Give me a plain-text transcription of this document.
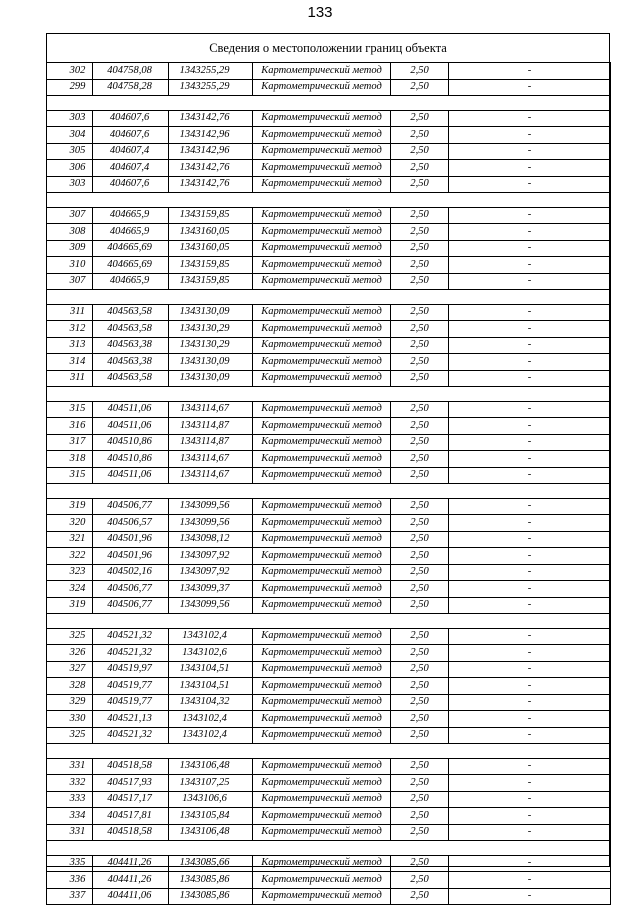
133
Сведения о местоположении границ объекта
302	404758,08	1343255,29	Картометрический метод	2,50	-
299	404758,28	1343255,29	Картометрический метод	2,50	-

303	404607,6	1343142,76	Картометрический метод	2,50	-
304	404607,6	1343142,96	Картометрический метод	2,50	-
305	404607,4	1343142,96	Картометрический метод	2,50	-
306	404607,4	1343142,76	Картометрический метод	2,50	-
303	404607,6	1343142,76	Картометрический метод	2,50	-

307	404665,9	1343159,85	Картометрический метод	2,50	-
308	404665,9	1343160,05	Картометрический метод	2,50	-
309	404665,69	1343160,05	Картометрический метод	2,50	-
310	404665,69	1343159,85	Картометрический метод	2,50	-
307	404665,9	1343159,85	Картометрический метод	2,50	-

311	404563,58	1343130,09	Картометрический метод	2,50	-
312	404563,58	1343130,29	Картометрический метод	2,50	-
313	404563,38	1343130,29	Картометрический метод	2,50	-
314	404563,38	1343130,09	Картометрический метод	2,50	-
311	404563,58	1343130,09	Картометрический метод	2,50	-

315	404511,06	1343114,67	Картометрический метод	2,50	-
316	404511,06	1343114,87	Картометрический метод	2,50	-
317	404510,86	1343114,87	Картометрический метод	2,50	-
318	404510,86	1343114,67	Картометрический метод	2,50	-
315	404511,06	1343114,67	Картометрический метод	2,50	-

319	404506,77	1343099,56	Картометрический метод	2,50	-
320	404506,57	1343099,56	Картометрический метод	2,50	-
321	404501,96	1343098,12	Картометрический метод	2,50	-
322	404501,96	1343097,92	Картометрический метод	2,50	-
323	404502,16	1343097,92	Картометрический метод	2,50	-
324	404506,77	1343099,37	Картометрический метод	2,50	-
319	404506,77	1343099,56	Картометрический метод	2,50	-

325	404521,32	1343102,4	Картометрический метод	2,50	-
326	404521,32	1343102,6	Картометрический метод	2,50	-
327	404519,97	1343104,51	Картометрический метод	2,50	-
328	404519,77	1343104,51	Картометрический метод	2,50	-
329	404519,77	1343104,32	Картометрический метод	2,50	-
330	404521,13	1343102,4	Картометрический метод	2,50	-
325	404521,32	1343102,4	Картометрический метод	2,50	-

331	404518,58	1343106,48	Картометрический метод	2,50	-
332	404517,93	1343107,25	Картометрический метод	2,50	-
333	404517,17	1343106,6	Картометрический метод	2,50	-
334	404517,81	1343105,84	Картометрический метод	2,50	-
331	404518,58	1343106,48	Картометрический метод	2,50	-

335	404411,26	1343085,66	Картометрический метод	2,50	-
336	404411,26	1343085,86	Картометрический метод	2,50	-
337	404411,06	1343085,86	Картометрический метод	2,50	-
